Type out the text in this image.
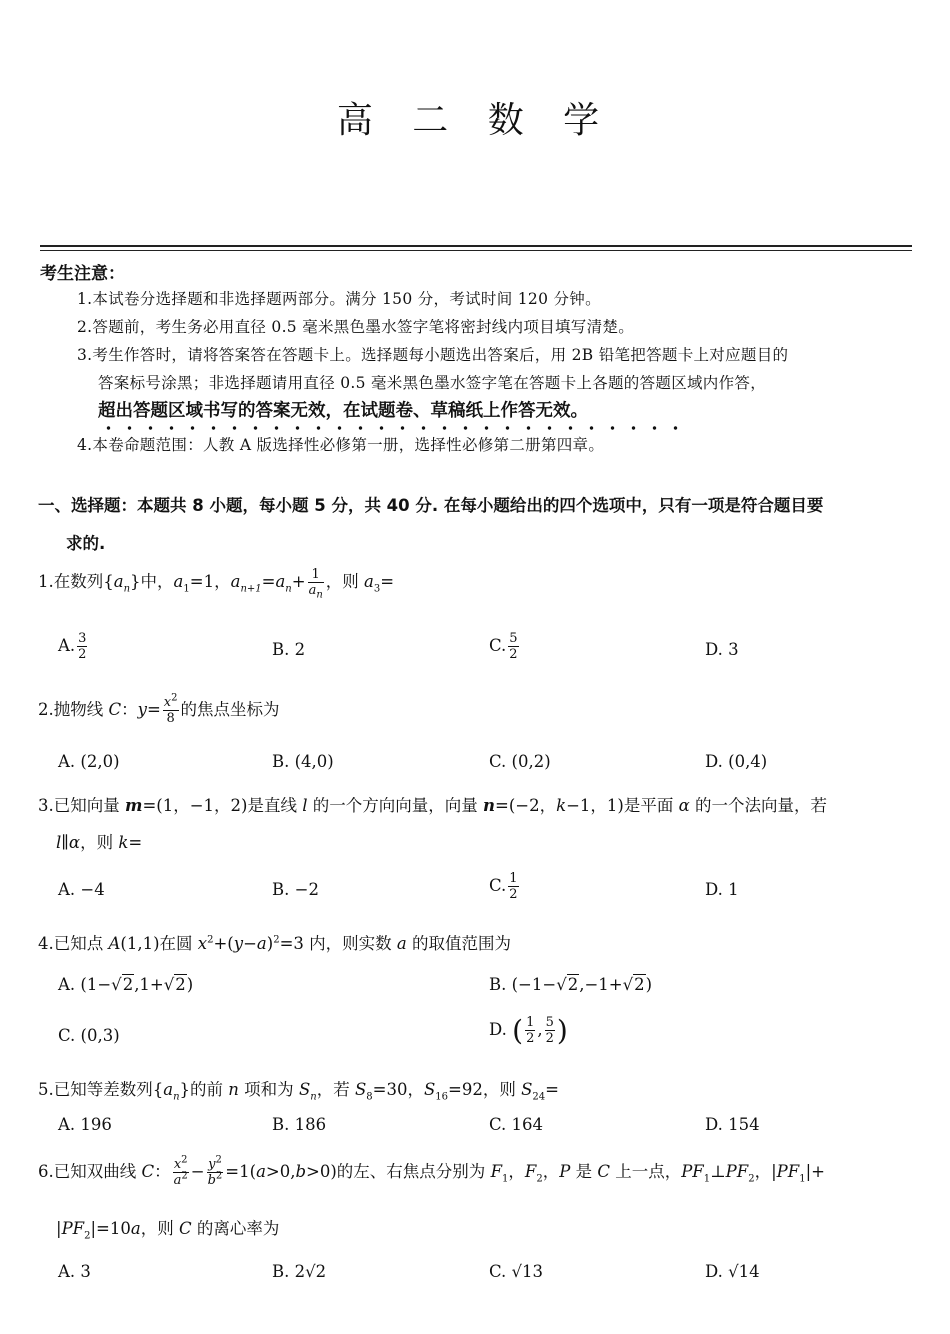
高 二 数 学
考生注意：
1.本试卷分选择题和非选择题两部分。满分 150 分，考试时间 120 分钟。
2.答题前，考生务必用直径 0.5 毫米黑色墨水签字笔将密封线内项目填写清楚。
3.考生作答时，请将答案答在答题卡上。选择题每小题选出答案后，用 2B 铅笔把答题卡上对应题目的
答案标号涂黑；非选择题请用直径 0.5 毫米黑色墨水签字笔在答题卡上各题的答题区域内作答，
超出答题区域书写的答案无效，在试题卷、草稿纸上作答无效。
4.本卷命题范围：人教 A 版选择性必修第一册，选择性必修第二册第四章。
一、选择题：本题共 8 小题，每小题 5 分，共 40 分. 在每小题给出的四个选项中，只有一项是符合题目要
求的.
1.在数列$\{a_n\}$中，$a_1=1$，$a_{n+1}=a_n+ \frac{1}{a_n}$ ，则 $a_3=$
A. $\frac{3}{2}$	B. 2	C. $\frac{5}{2}$	D. 3
2.抛物线 C：$y= \frac{x^2}{8}$ 的焦点坐标为
A. (2,0)	B. (4,0)	C. (0,2)	D. (0,4)
3.已知向量 m=(1，−1，2)是直线 l 的一个方向向量，向量 n=(−2，k−1，1)是平面 α 的一个法向量，若
l∥α，则 k=
A. −4	B. −2	C. $\frac{1}{2}$	D. 1
4.已知点 A(1,1)在圆 $x^2+(y-a)^2=3$ 内，则实数 a 的取值范围为
A. (1−√2,1+√2)	B. (−1−√2,−1+√2)
C. (0,3)	D. ( $\frac{1}{2}$ , $\frac{5}{2}$ )
5.已知等差数列$\{a_n\}$的前 n 项和为 $S_n$，若 $S_8=30$，$S_{16}=92$，则 $S_{24}=$
A. 196	B. 186	C. 164	D. 154
6.已知双曲线 C： $\frac{x^2}{a^2} - \frac{y^2}{b^2} =1(a>0,b>0)$的左、右焦点分别为 $F_1$，$F_2$，P 是 C 上一点，$PF_1\perp PF_2$，$|PF_1|+$
$|PF_2|=10a$，则 C 的离心率为
A. 3	B. 2√2	C. √13	D. √14
